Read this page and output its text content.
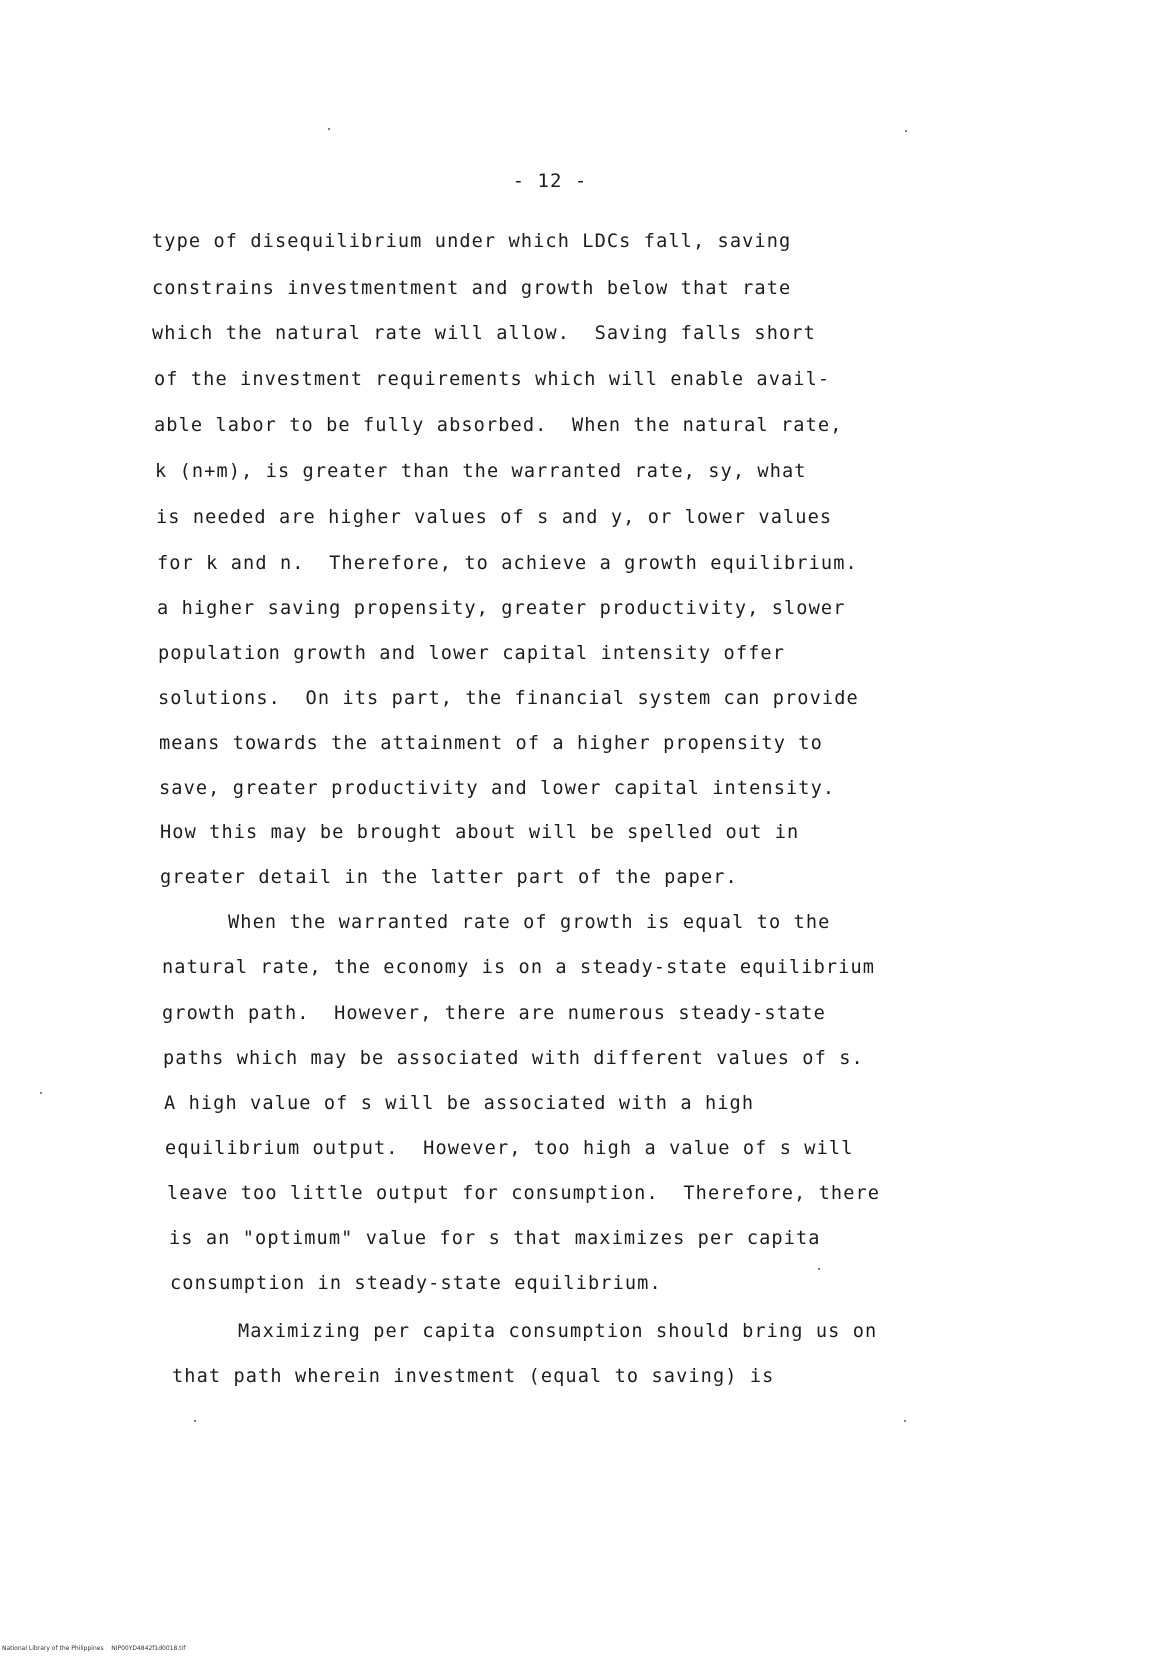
- 12 -
type of disequilibrium under which LDCs fall, saving
constrains investmentment and growth below that rate
which the natural rate will allow.  Saving falls short
of the investment requirements which will enable avail-
able labor to be fully absorbed.  When the natural rate,
k (n+m), is greater than the warranted rate, sy, what
is needed are higher values of s and y, or lower values
for k and n.  Therefore, to achieve a growth equilibrium.
a higher saving propensity, greater productivity, slower
population growth and lower capital intensity offer
solutions.  On its part, the financial system can provide
means towards the attainment of a higher propensity to
save, greater productivity and lower capital intensity.
How this may be brought about will be spelled out in
greater detail in the latter part of the paper.
When the warranted rate of growth is equal to the
natural rate, the economy is on a steady-state equilibrium
growth path.  However, there are numerous steady-state
paths which may be associated with different values of s.
A high value of s will be associated with a high
equilibrium output.  However, too high a value of s will
leave too little output for consumption.  Therefore, there
is an "optimum" value for s that maximizes per capita
consumption in steady-state equilibrium.
Maximizing per capita consumption should bring us on
that path wherein investment (equal to saving) is
National Library of the Philippines    NIP00YD4842f1d0018.tif
